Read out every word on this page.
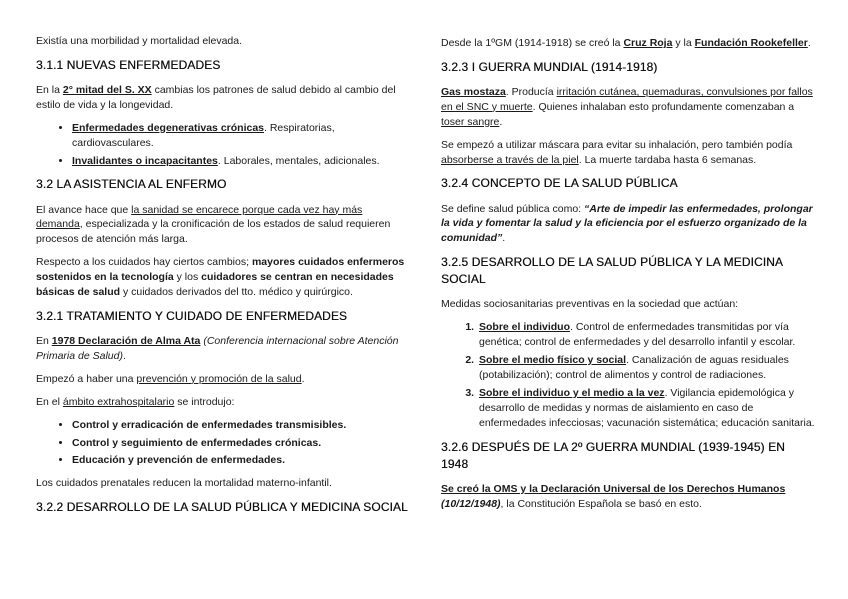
Existía una morbilidad y mortalidad elevada.

3.1.1 NUEVAS ENFERMEDADES

En la 2° mitad del S. XX cambias los patrones de salud debido al cambio del estilo de vida y la longevidad.

• Enfermedades degenerativas crónicas. Respiratorias, cardiovasculares.
• Invalidantes o incapacitantes. Laborales, mentales, adicionales.
3.2 LA ASISTENCIA AL ENFERMO

El avance hace que la sanidad se encarece porque cada vez hay más demanda, especializada y la cronificación de los estados de salud requieren procesos de atención más larga.

Respecto a los cuidados hay ciertos cambios; mayores cuidados enfermeros sostenidos en la tecnología y los cuidadores se centran en necesidades básicas de salud y cuidados derivados del tto. médico y quirúrgico.

3.2.1 TRATAMIENTO Y CUIDADO DE ENFERMEDADES

En 1978 Declaración de Alma Ata (Conferencia internacional sobre Atención Primaria de Salud).

Empezó a haber una prevención y promoción de la salud.

En el ámbito extrahospitalario se introdujo:

• Control y erradicación de enfermedades transmisibles.
• Control y seguimiento de enfermedades crónicas.
• Educación y prevención de enfermedades.

Los cuidados prenatales reducen la mortalidad materno-infantil.

3.2.2 DESARROLLO DE LA SALUD PÚBLICA Y MEDICINA SOCIAL

Desde la 1ºGM (1914-1918) se creó la Cruz Roja y la Fundación Rookefeller.

3.2.3 I GUERRA MUNDIAL (1914-1918)

Gas mostaza. Producía irritación cutánea, quemaduras, convulsiones por fallos en el SNC y muerte. Quienes inhalaban esto profundamente comenzaban a toser sangre.

Se empezó a utilizar máscara para evitar su inhalación, pero también podía absorberse a través de la piel. La muerte tardaba hasta 6 semanas.

3.2.4 CONCEPTO DE LA SALUD PÚBLICA

Se define salud pública como: “Arte de impedir las enfermedades, prolongar la vida y fomentar la salud y la eficiencia por el esfuerzo organizado de la comunidad”.

3.2.5 DESARROLLO DE LA SALUD PÚBLICA Y LA MEDICINA SOCIAL

Medidas sociosanitarias preventivas en la sociedad que actúan:

1. Sobre el individuo. Control de enfermedades transmitidas por vía genética; control de enfermedades y del desarrollo infantil y escolar.
2. Sobre el medio físico y social. Canalización de aguas residuales (potabilización); control de alimentos y control de radiaciones.
3. Sobre el individuo y el medio a la vez. Vigilancia epidemológica y desarrollo de medidas y normas de aislamiento en caso de enfermedades infecciosas; vacunación sistemática; educación sanitaria.
3.2.6 DESPUÉS DE LA 2º GUERRA MUNDIAL (1939-1945) EN 1948

Se creó la OMS y la Declaración Universal de los Derechos Humanos (10/12/1948), la Constitución Española se basó en esto.
